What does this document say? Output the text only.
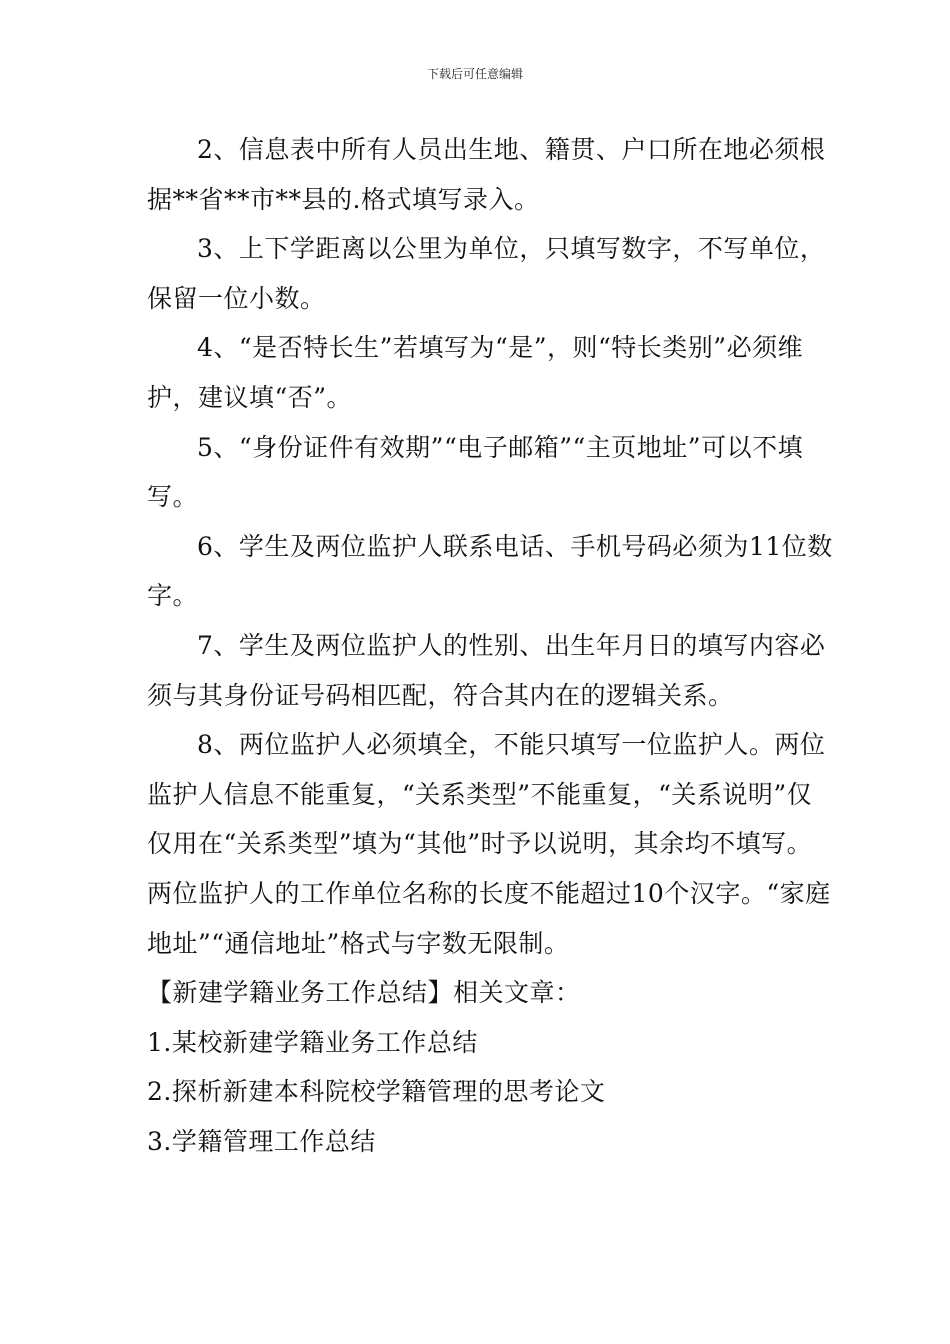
下载后可任意编辑

2、信息表中所有人员出生地、籍贯、户口所在地必须根据**省**市**县的.格式填写录入。

3、上下学距离以公里为单位，只填写数字，不写单位，保留一位小数。

4、“是否特长生”若填写为“是”，则“特长类别”必须维护，建议填“否”。

5、“身份证件有效期”“电子邮箱”“主页地址”可以不填写。

6、学生及两位监护人联系电话、手机号码必须为11位数字。

7、学生及两位监护人的性别、出生年月日的填写内容必须与其身份证号码相匹配，符合其内在的逻辑关系。

8、两位监护人必须填全，不能只填写一位监护人。两位监护人信息不能重复，“关系类型”不能重复，“关系说明”仅仅用在“关系类型”填为“其他”时予以说明，其余均不填写。两位监护人的工作单位名称的长度不能超过10个汉字。“家庭地址”“通信地址”格式与字数无限制。

【新建学籍业务工作总结】相关文章：

1.某校新建学籍业务工作总结

2.探析新建本科院校学籍管理的思考论文

3.学籍管理工作总结
